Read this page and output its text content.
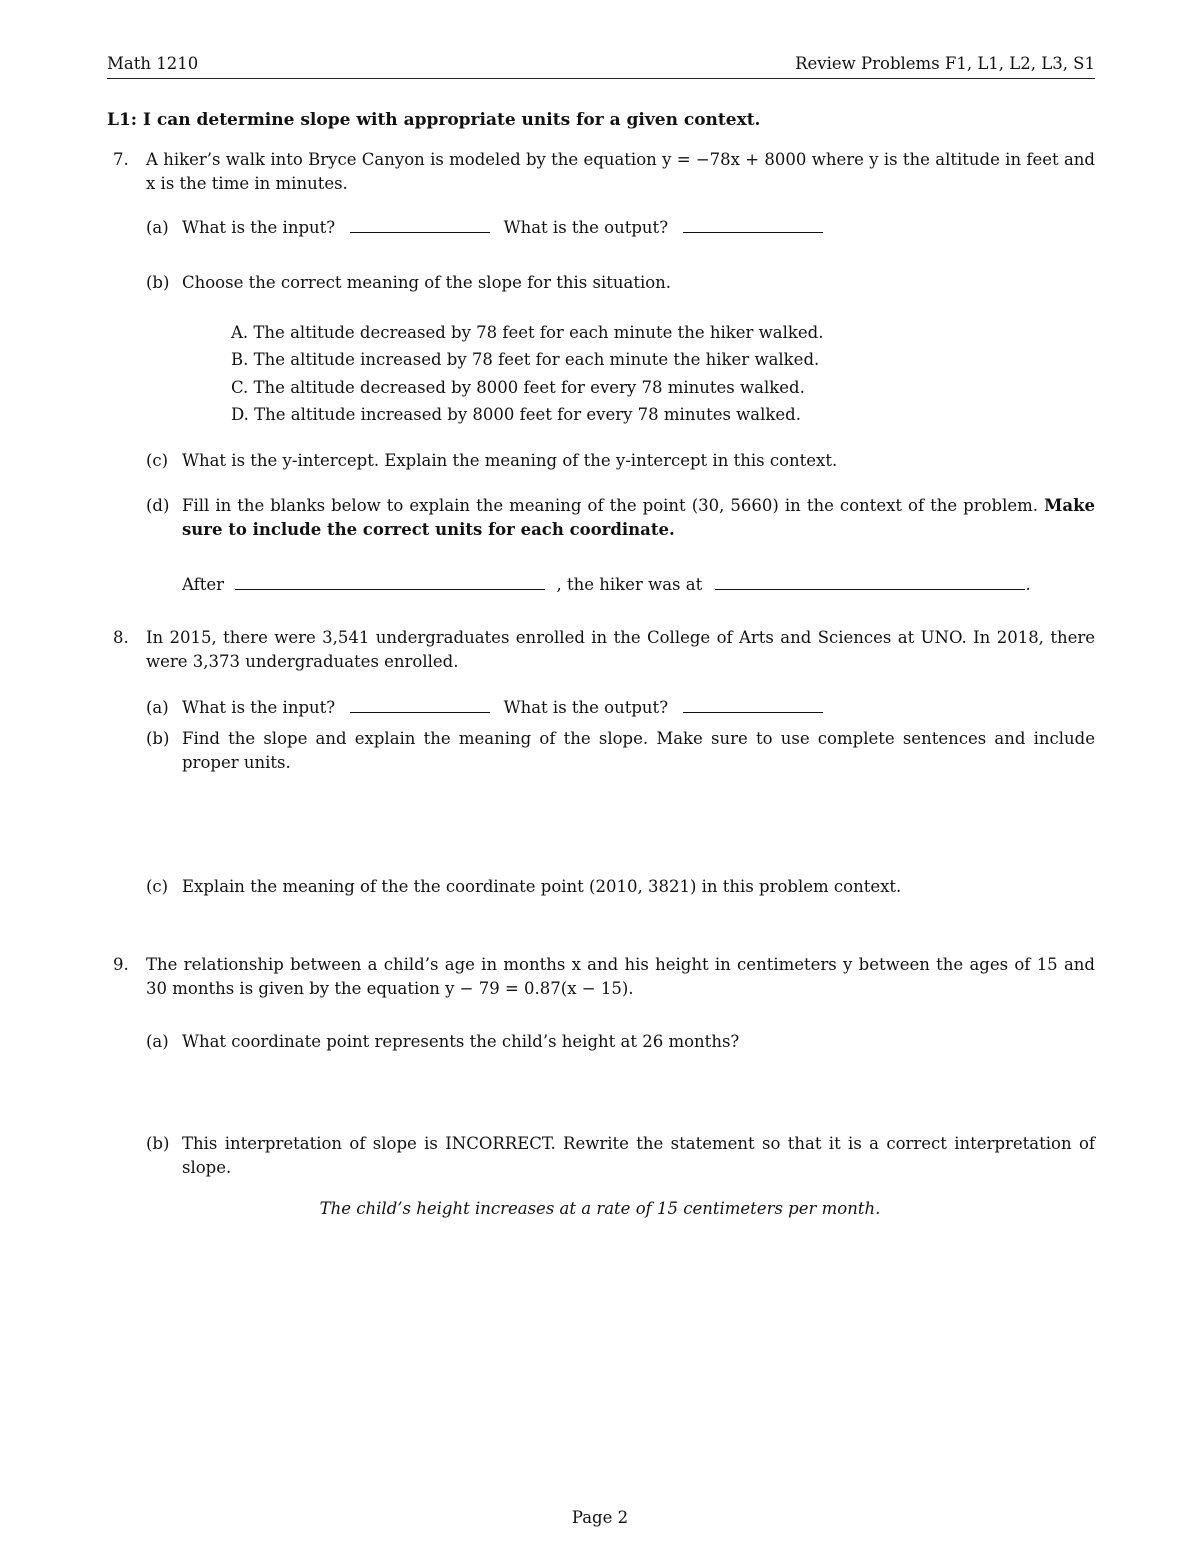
Math 1210	Review Problems F1, L1, L2, L3, S1
L1: I can determine slope with appropriate units for a given context.
7. A hiker’s walk into Bryce Canyon is modeled by the equation y = −78x + 8000 where y is the altitude in feet and x is the time in minutes.
(a) What is the input?	What is the output?
(b) Choose the correct meaning of the slope for this situation.
A. The altitude decreased by 78 feet for each minute the hiker walked.
B. The altitude increased by 78 feet for each minute the hiker walked.
C. The altitude decreased by 8000 feet for every 78 minutes walked.
D. The altitude increased by 8000 feet for every 78 minutes walked.
(c) What is the y-intercept. Explain the meaning of the y-intercept in this context.
(d) Fill in the blanks below to explain the meaning of the point (30, 5660) in the context of the problem. Make sure to include the correct units for each coordinate.
After	, the hiker was at	.
8. In 2015, there were 3,541 undergraduates enrolled in the College of Arts and Sciences at UNO. In 2018, there were 3,373 undergraduates enrolled.
(a) What is the input?	What is the output?
(b) Find the slope and explain the meaning of the slope. Make sure to use complete sentences and include proper units.
(c) Explain the meaning of the the coordinate point (2010, 3821) in this problem context.
9. The relationship between a child’s age in months x and his height in centimeters y between the ages of 15 and 30 months is given by the equation y − 79 = 0.87(x − 15).
(a) What coordinate point represents the child’s height at 26 months?
(b) This interpretation of slope is INCORRECT. Rewrite the statement so that it is a correct interpretation of slope.
The child’s height increases at a rate of 15 centimeters per month.
Page 2
